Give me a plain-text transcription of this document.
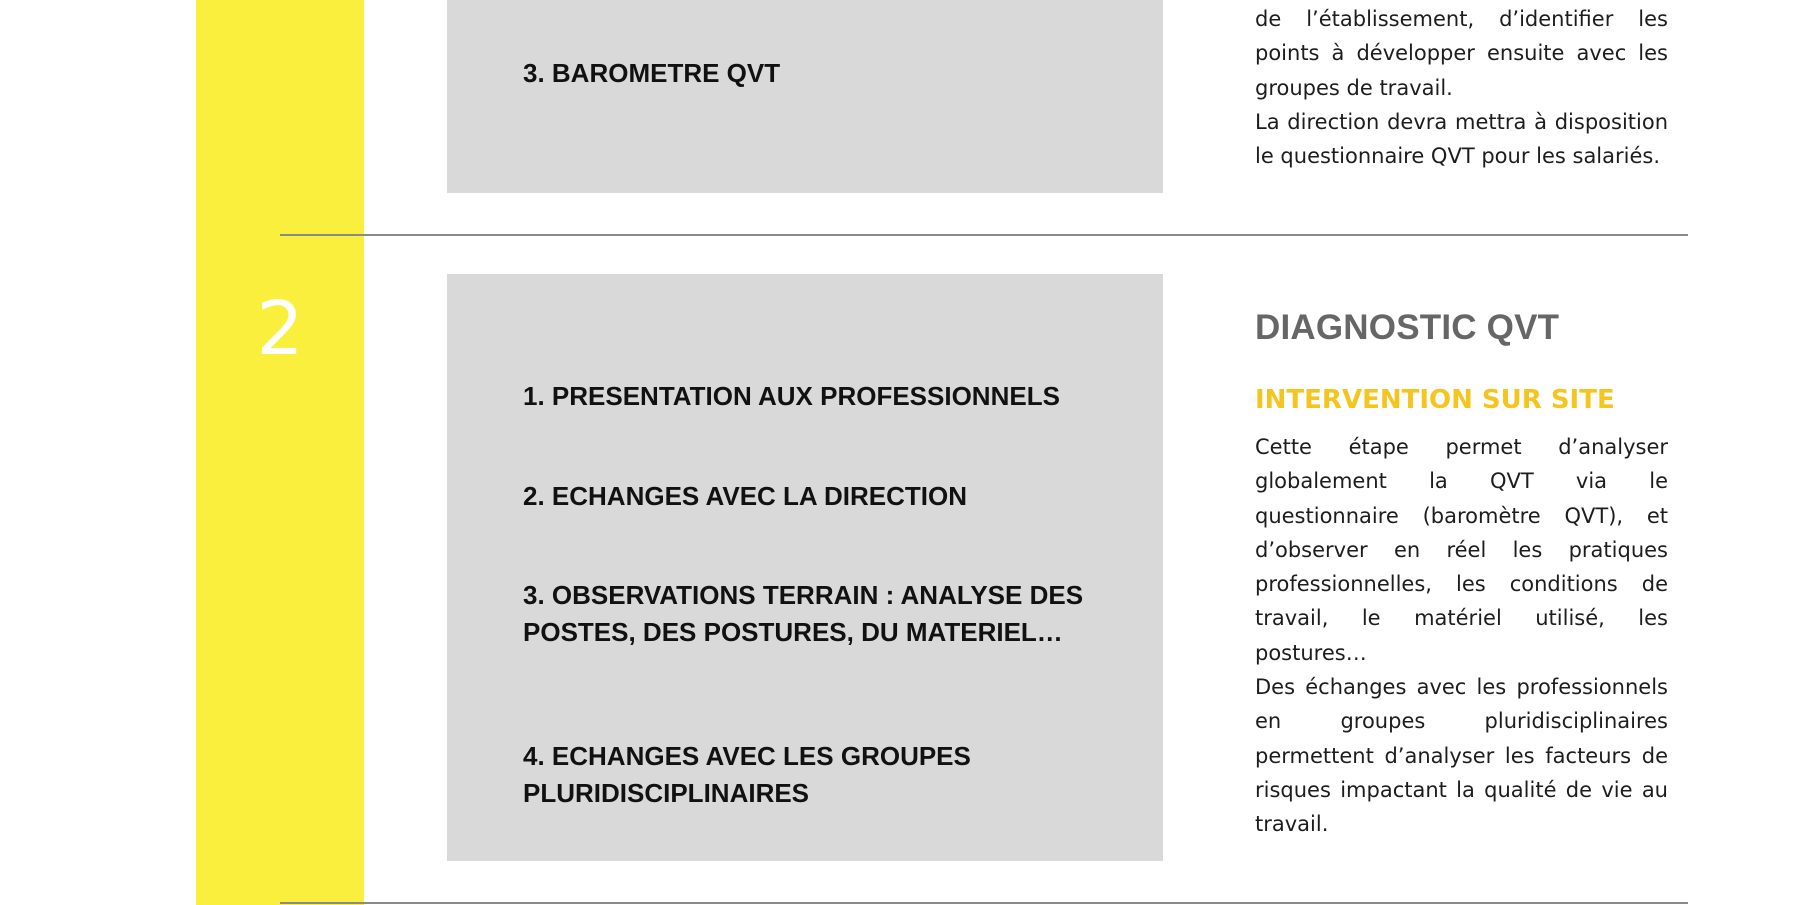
2

3. BAROMETRE QVT

de l’établissement, d’identifier les points à développer ensuite avec les groupes de travail.

La direction devra mettra à disposition le questionnaire QVT pour les salariés.

1. PRESENTATION AUX PROFESSIONNELS

2. ECHANGES AVEC LA DIRECTION

3. OBSERVATIONS TERRAIN : ANALYSE DES POSTES, DES POSTURES, DU MATERIEL…

4. ECHANGES AVEC LES GROUPES PLURIDISCIPLINAIRES

DIAGNOSTIC QVT
INTERVENTION SUR SITE

Cette étape permet d’analyser globalement la QVT via le questionnaire (baromètre QVT), et d’observer en réel les pratiques professionnelles, les conditions de travail, le matériel utilisé, les postures…

Des échanges avec les professionnels en groupes pluridisciplinaires permettent d’analyser les facteurs de risques impactant la qualité de vie au travail.
